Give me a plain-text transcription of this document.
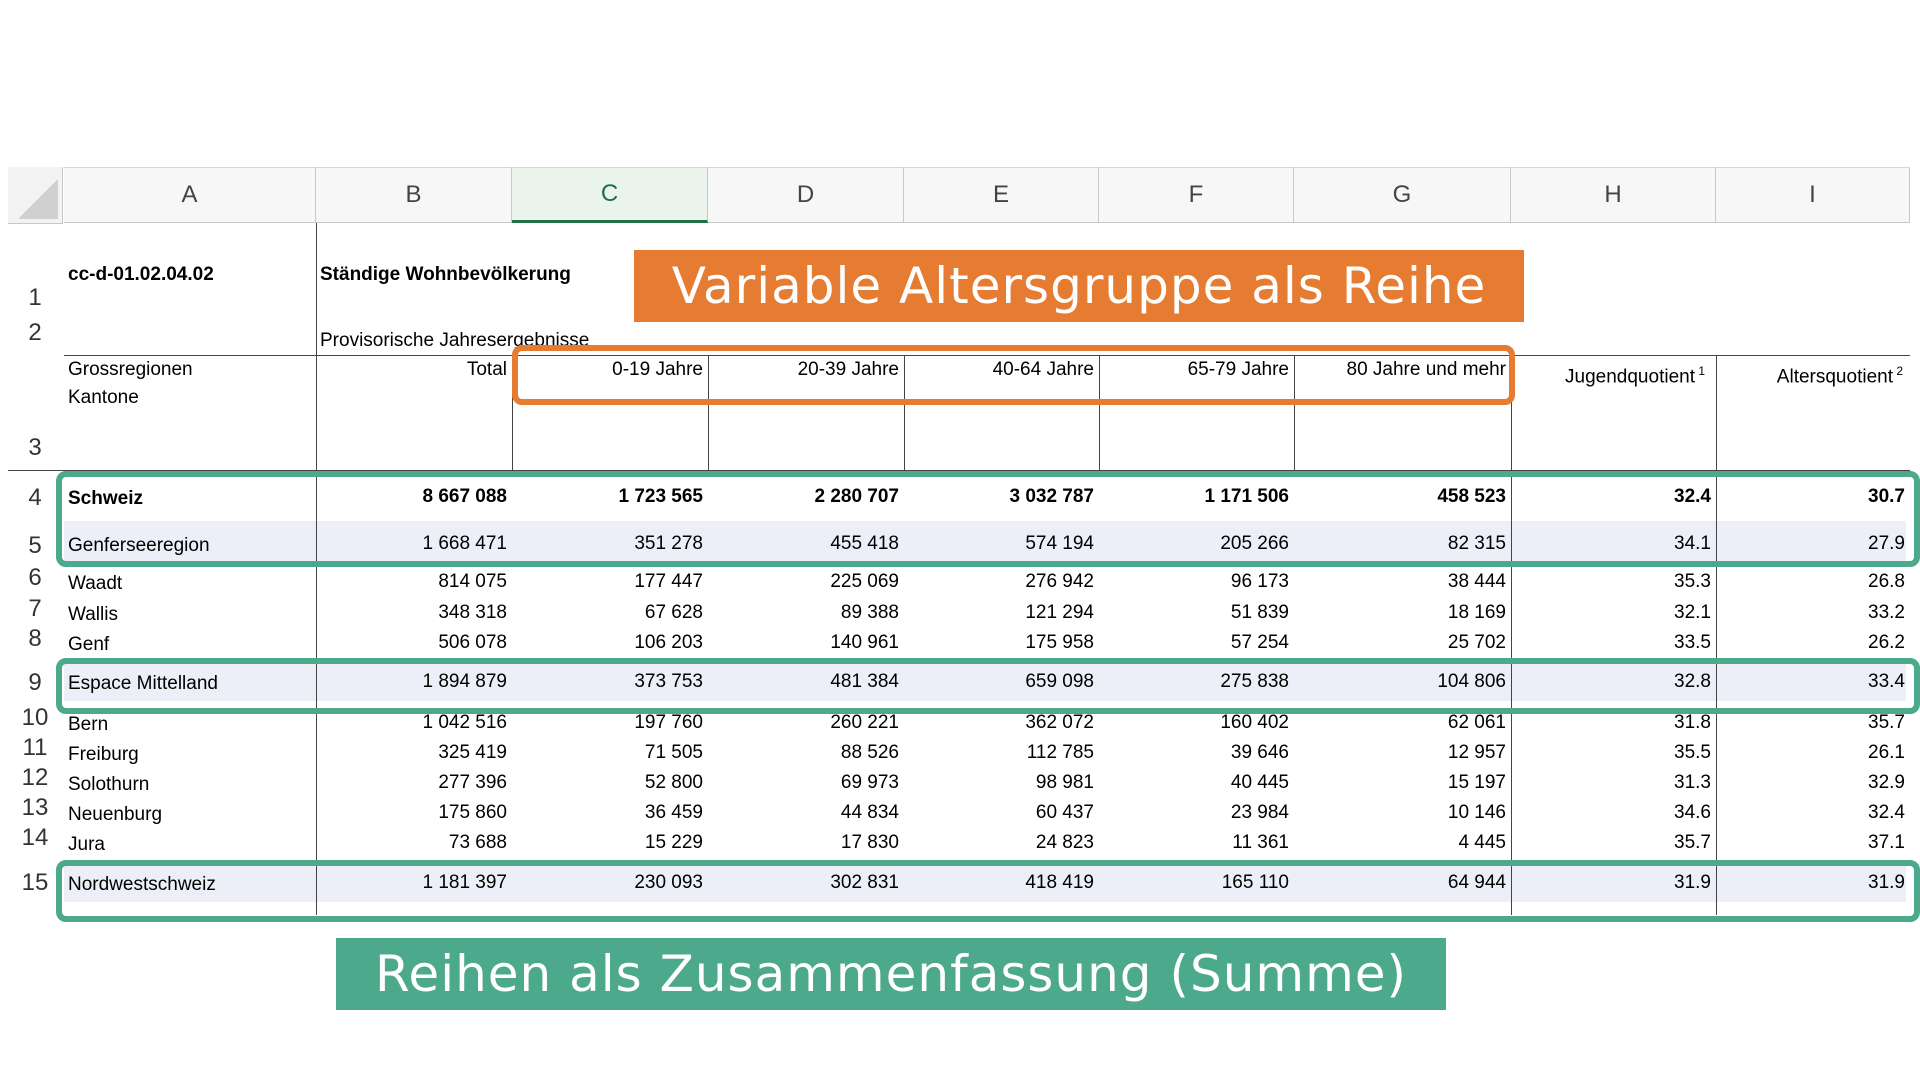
A	B	C	D	E	F	G	H	I
1
2
3
4
5
6
7
8
9
10
11
12
13
14
15
cc-d-01.02.04.02	Ständige Wohnbevölkerung
Provisorische Jahresergebnisse
Grossregionen
Kantone
Total	0-19 Jahre	20-39 Jahre	40-64 Jahre	65-79 Jahre	80 Jahre und mehr	Jugendquotient $^1$	Altersquotient $^2$
Schweiz	8 667 088	1 723 565	2 280 707	3 032 787	1 171 506	458 523	32.4	30.7
Genferseeregion	1 668 471	351 278	455 418	574 194	205 266	82 315	34.1	27.9
Waadt	814 075	177 447	225 069	276 942	96 173	38 444	35.3	26.8
Wallis	348 318	67 628	89 388	121 294	51 839	18 169	32.1	33.2
Genf	506 078	106 203	140 961	175 958	57 254	25 702	33.5	26.2
Espace Mittelland	1 894 879	373 753	481 384	659 098	275 838	104 806	32.8	33.4
Bern	1 042 516	197 760	260 221	362 072	160 402	62 061	31.8	35.7
Freiburg	325 419	71 505	88 526	112 785	39 646	12 957	35.5	26.1
Solothurn	277 396	52 800	69 973	98 981	40 445	15 197	31.3	32.9
Neuenburg	175 860	36 459	44 834	60 437	23 984	10 146	34.6	32.4
Jura	73 688	15 229	17 830	24 823	11 361	4 445	35.7	37.1
Nordwestschweiz	1 181 397	230 093	302 831	418 419	165 110	64 944	31.9	31.9
Variable Altersgruppe als Reihe
Reihen als Zusammenfassung (Summe)
